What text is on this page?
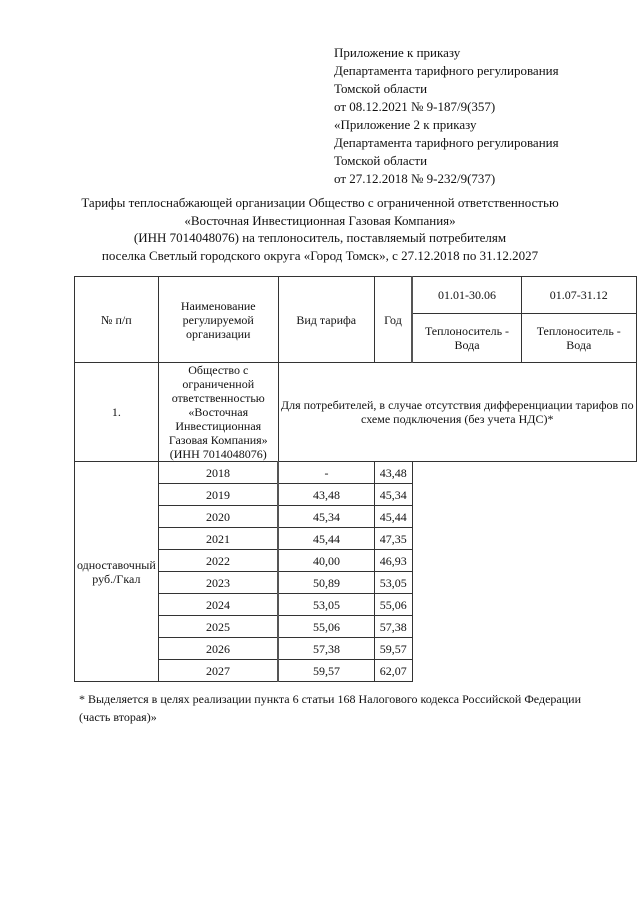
Приложение к приказу
Департамента тарифного регулирования
Томской области
от 08.12.2021 № 9-187/9(357)
«Приложение 2 к приказу
Департамента тарифного регулирования
Томской области
от 27.12.2018 № 9-232/9(737)
Тарифы теплоснабжающей организации Общество с ограниченной ответственностью
«Восточная Инвестиционная Газовая Компания»
(ИНН 7014048076) на теплоноситель, поставляемый потребителям
поселка Светлый городского округа «Город Томск», с 27.12.2018 по 31.12.2027
№ п/п	Наименование регулируемой организации	Вид тарифа	Год	01.01-30.06	01.07-31.12
				Теплоноситель - Вода	Теплоноситель - Вода
1.	Общество с ограниченной ответственностью «Восточная Инвестиционная Газовая Компания» (ИНН 7014048076)	Для потребителей, в случае отсутствия дифференциации тарифов по схеме подключения (без учета НДС)*			
одноставочный руб./Гкал	2018	-	43,48		
	2019	43,48	45,34		
	2020	45,34	45,44		
	2021	45,44	47,35		
	2022	40,00	46,93		
	2023	50,89	53,05		
	2024	53,05	55,06		
	2025	55,06	57,38		
	2026	57,38	59,57		
	2027	59,57	62,07		
* Выделяется в целях реализации пункта 6 статьи 168 Налогового кодекса Российской Федерации (часть вторая)»
